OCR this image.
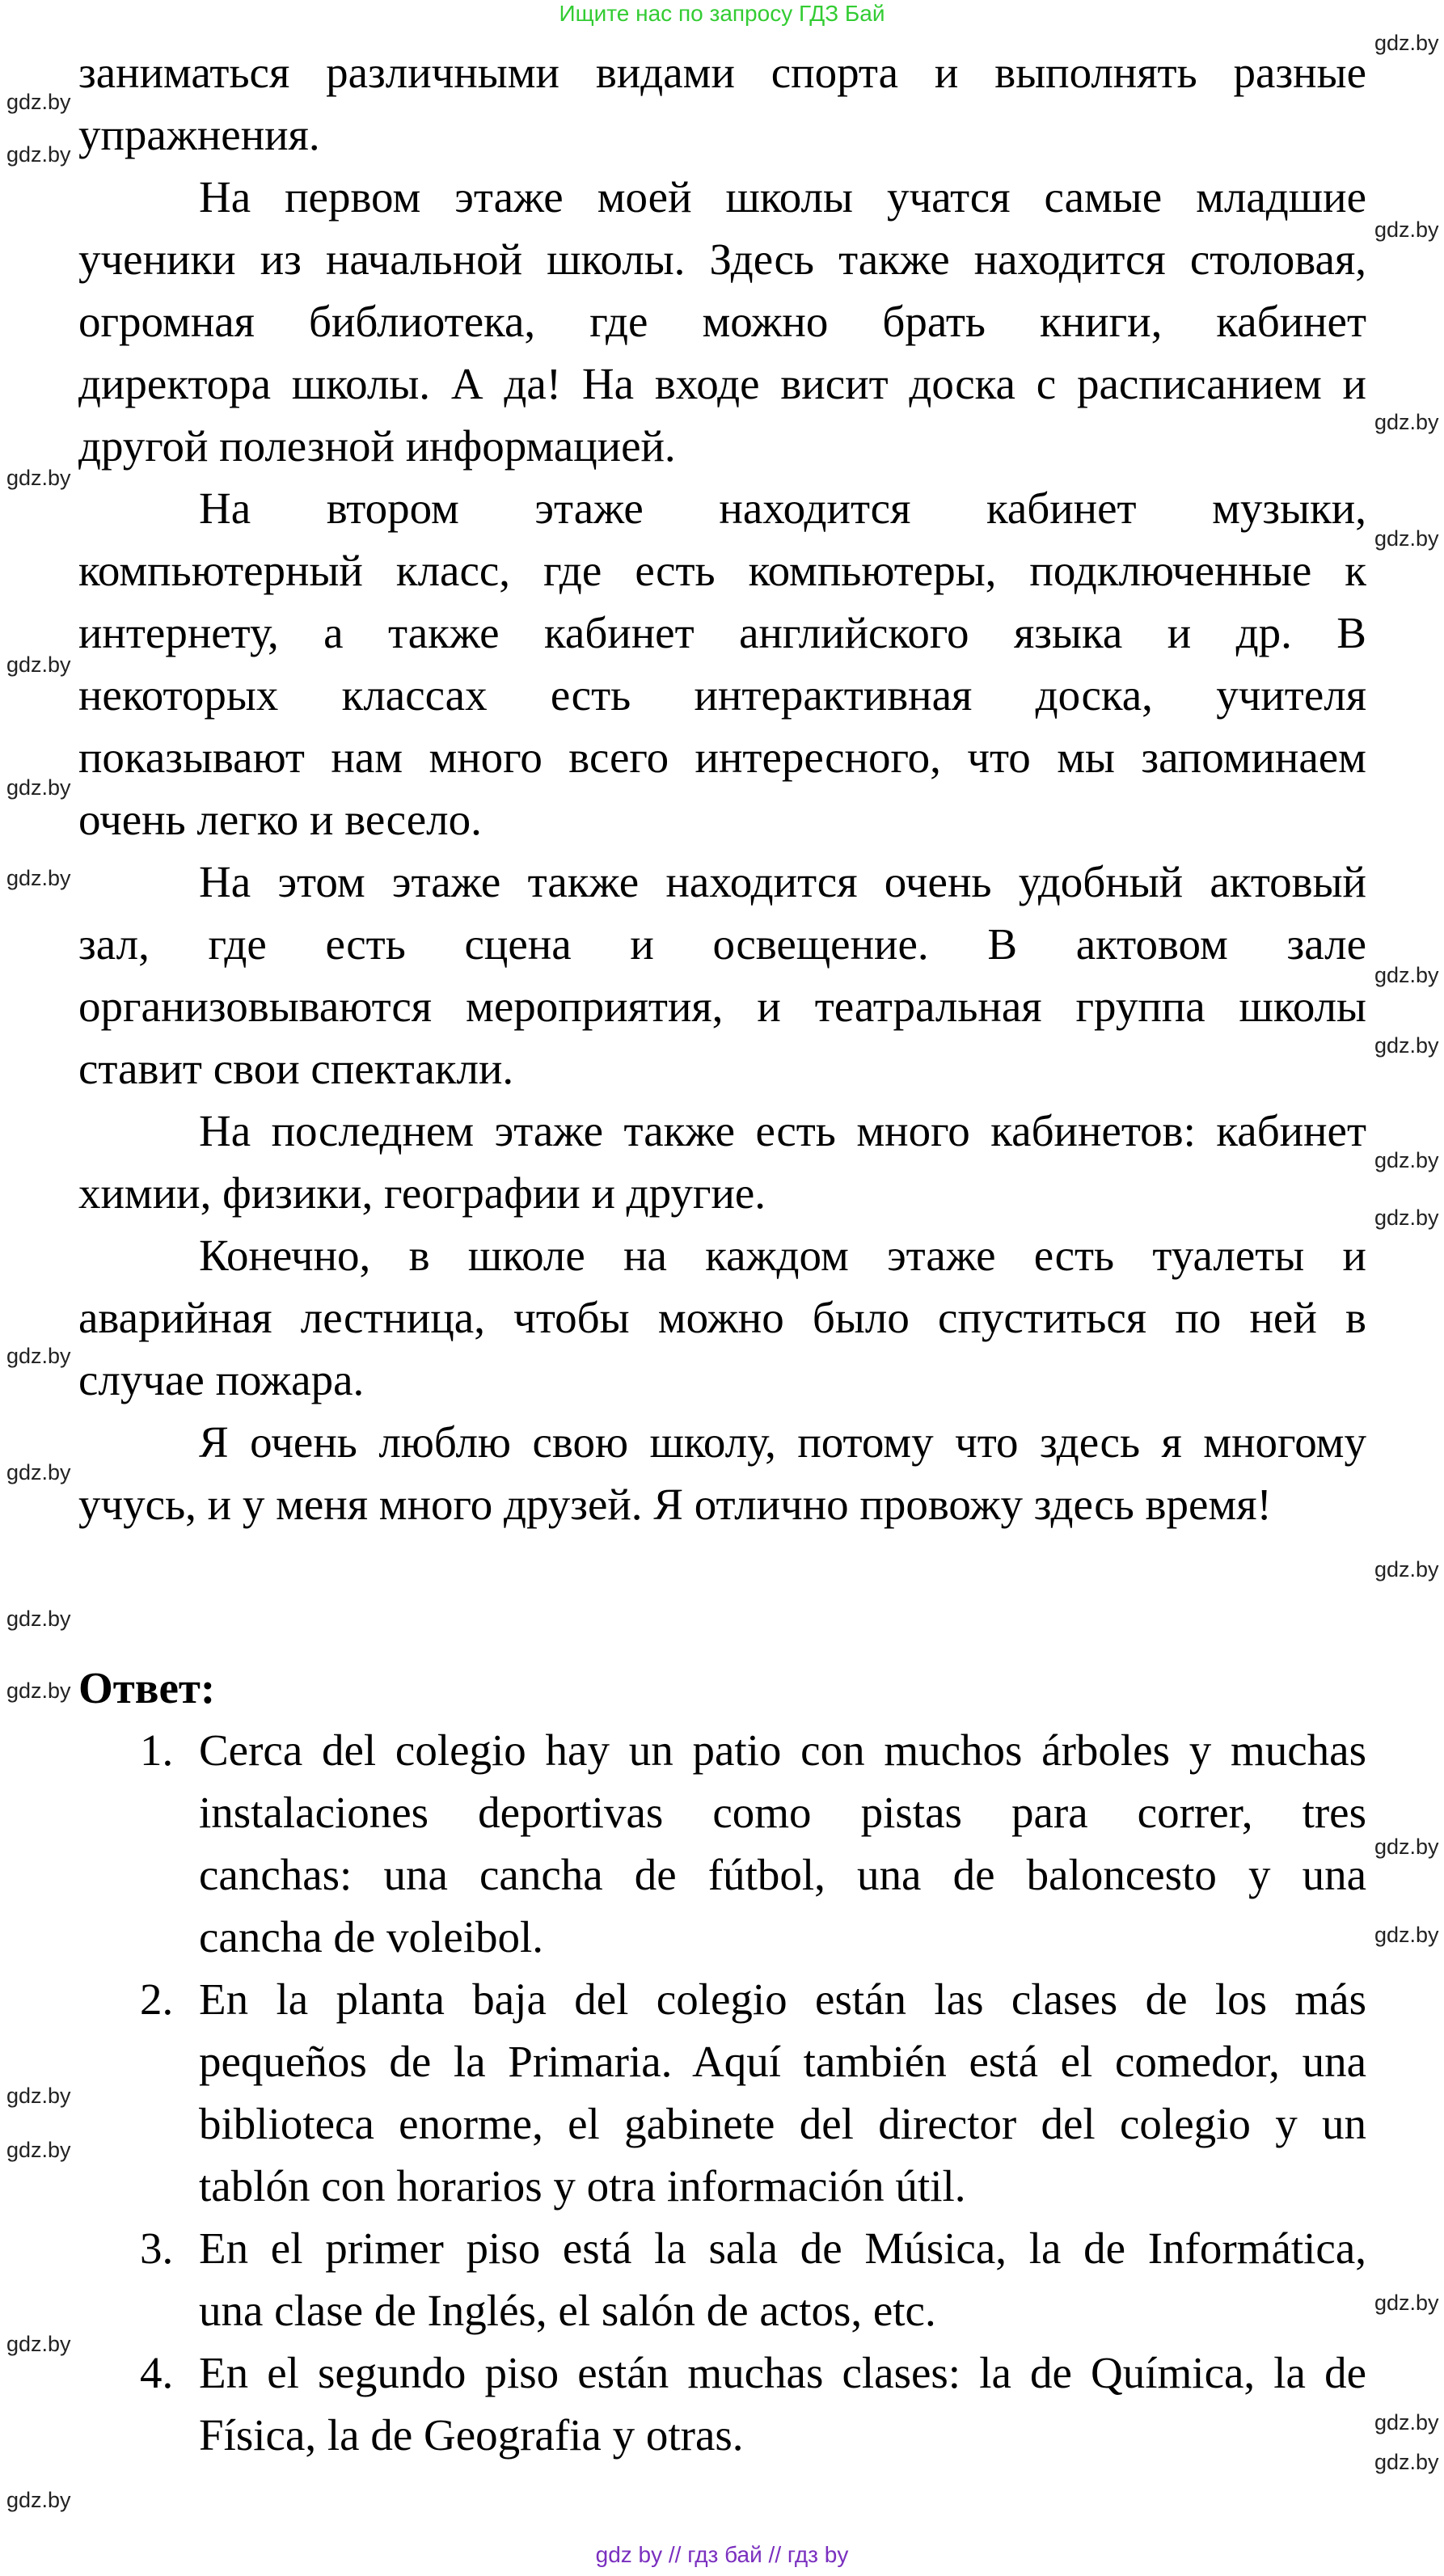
Ищите нас по запросу ГДЗ Бай
заниматься различными видами спорта и выполнять разные
упражнения.
На первом этаже моей школы учатся самые младшие
ученики из начальной школы. Здесь также находится столовая,
огромная библиотека, где можно брать книги, кабинет
директора школы. А да! На входе висит доска с расписанием и
другой полезной информацией.
На втором этаже находится кабинет музыки,
компьютерный класс, где есть компьютеры, подключенные к
интернету, а также кабинет английского языка и др. В
некоторых классах есть интерактивная доска, учителя
показывают нам много всего интересного, что мы запоминаем
очень легко и весело.
На этом этаже также находится очень удобный актовый
зал, где есть сцена и освещение. В актовом зале
организовываются мероприятия, и театральная группа школы
ставит свои спектакли.
На последнем этаже также есть много кабинетов: кабинет
химии, физики, географии и другие.
Конечно, в школе на каждом этаже есть туалеты и
аварийная лестница, чтобы можно было спуститься по ней в
случае пожара.
Я очень люблю свою школу, потому что здесь я многому
учусь, и у меня много друзей. Я отлично провожу здесь время!
Ответ:
1. Cerca del colegio hay un patio con muchos árboles y muchas
instalaciones deportivas como pistas para correr, tres
canchas: una cancha de fútbol, una de baloncesto y una
cancha de voleibol.
2. En la planta baja del colegio están las clases de los más
pequeños de la Primaria. Aquí también está el comedor, una
biblioteca enorme, el gabinete del director del colegio y un
tablón con horarios y otra información útil.
3. En el primer piso está la sala de Música, la de Informática,
una clase de Inglés, el salón de actos, etc.
4. En el segundo piso están muchas clases: la de Química, la de
Física, la de Geografia y otras.
gdz.by
gdz.by
gdz.by
gdz.by
gdz.by
gdz.by
gdz.by
gdz.by
gdz.by
gdz.by
gdz.by
gdz.by
gdz.by
gdz.by
gdz.by
gdz.by
gdz.by
gdz.by
gdz.by
gdz.by
gdz.by
gdz.by
gdz.by
gdz.by
gdz.by
gdz.by
gdz.by
gdz.by
gdz by // гдз бай // гдз by
